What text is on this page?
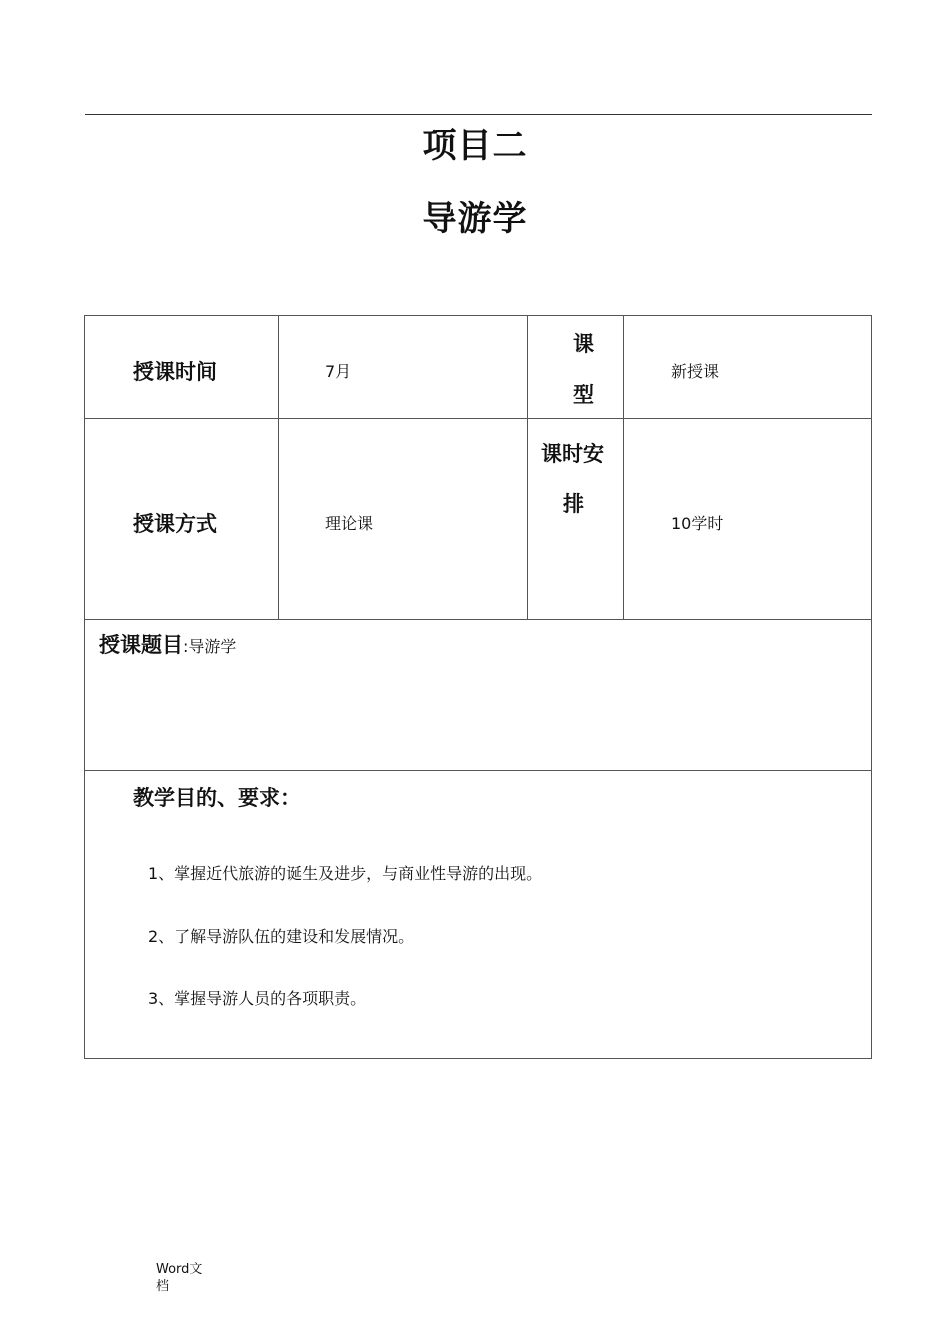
项目二
导游学
授课时间	7月
课
型
新授课
授课方式	理论课
课时安
排
10学时
授课题目:导游学
教学目的、要求：
1、掌握近代旅游的诞生及进步，与商业性导游的出现。
2、了解导游队伍的建设和发展情况。
3、掌握导游人员的各项职责。
Word文
档
